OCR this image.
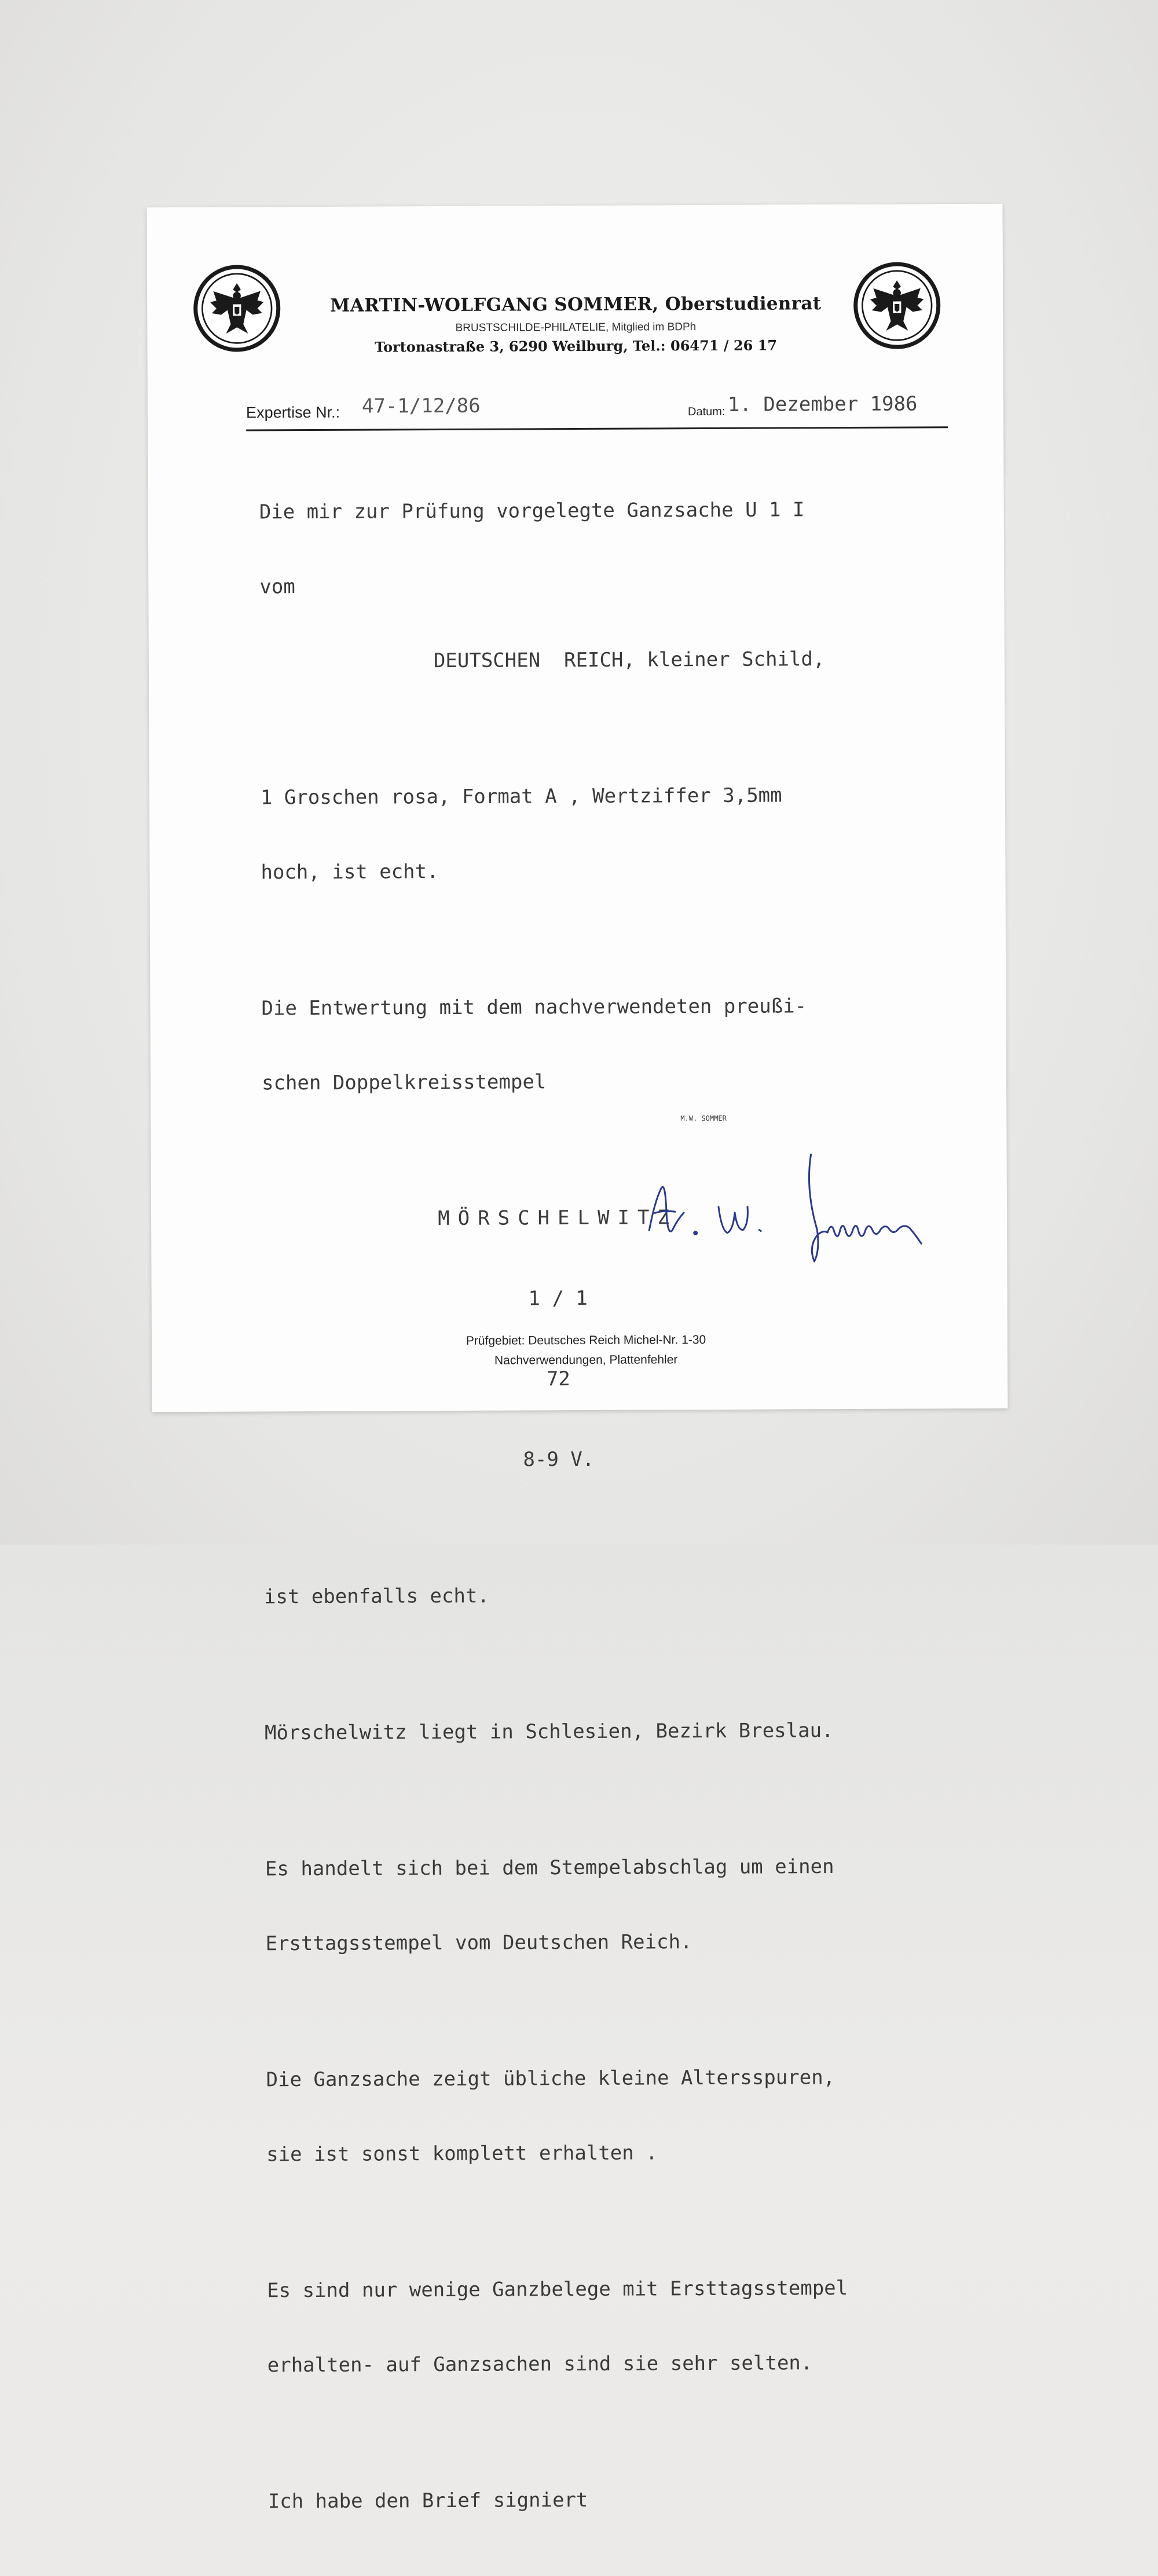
MARTIN-WOLFGANG SOMMER, Oberstudienrat
BRUSTSCHILDE-PHILATELIE, Mitglied im BDPh
Tortonastraße 3, 6290 Weilburg, Tel.: 06471 / 26 17
Expertise Nr.: 47-1/12/86	Datum: 1. Dezember 1986

Die mir zur Prüfung vorgelegte Ganzsache U 1 I

vom

DEUTSCHEN  REICH, kleiner Schild,

1 Groschen rosa, Format A , Wertziffer 3,5mm

hoch, ist echt.

Die Entwertung mit dem nachverwendeten preußi-

schen Doppelkreisstempel

MÖRSCHELWITZ

1 / 1

72

8-9 V.

ist ebenfalls echt.

Mörschelwitz liegt in Schlesien, Bezirk Breslau.

Es handelt sich bei dem Stempelabschlag um einen

Ersttagsstempel vom Deutschen Reich.

Die Ganzsache zeigt übliche kleine Altersspuren,

sie ist sonst komplett erhalten .

Es sind nur wenige Ganzbelege mit Ersttagsstempel

erhalten- auf Ganzsachen sind sie sehr selten.

Ich habe den Brief signiert

M.W. SOMMER
Prüfgebiet: Deutsches Reich Michel-Nr. 1-30
Nachverwendungen, Plattenfehler
